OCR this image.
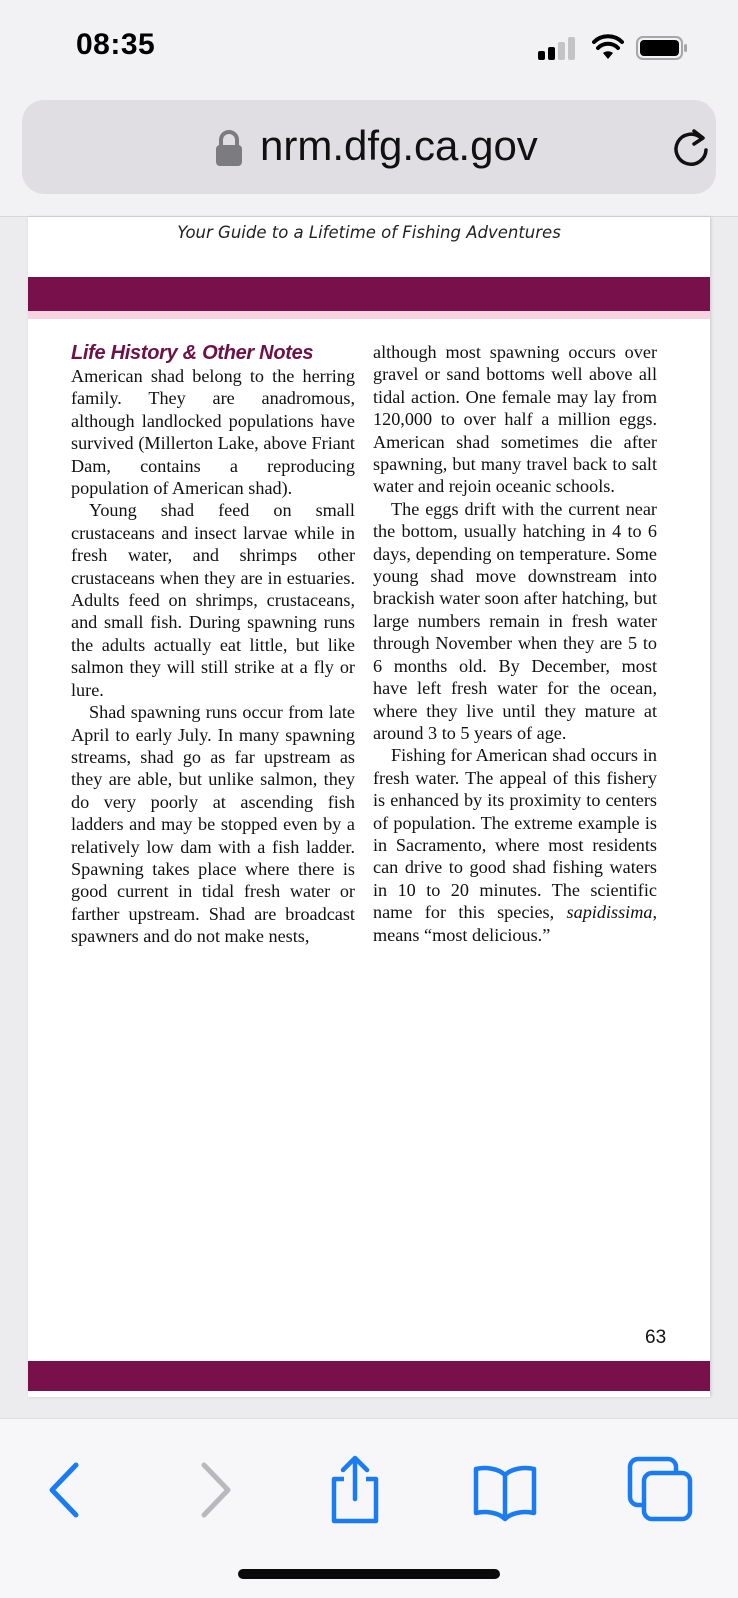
08:35
nrm.dfg.ca.gov
Your Guide to a Lifetime of Fishing Adventures
Life History & Other Notes

American shad belong to the herring family. They are anadromous, although landlocked populations have survived (Millerton Lake, above Friant Dam, contains a reproducing population of American shad).

Young shad feed on small crustaceans and insect larvae while in fresh water, and shrimps other crustaceans when they are in estuaries. Adults feed on shrimps, crustaceans, and small fish. During spawning runs the adults actually eat little, but like salmon they will still strike at a fly or lure.

Shad spawning runs occur from late April to early July. In many spawning streams, shad go as far upstream as they are able, but unlike salmon, they do very poorly at ascending fish ladders and may be stopped even by a relatively low dam with a fish ladder. Spawning takes place where there is good current in tidal fresh water or farther upstream. Shad are broadcast spawners and do not make nests,

although most spawning occurs over gravel or sand bottoms well above all tidal action. One female may lay from 120,000 to over half a million eggs. American shad sometimes die after spawning, but many travel back to salt water and rejoin oceanic schools.

The eggs drift with the current near the bottom, usually hatching in 4 to 6 days, depending on temperature. Some young shad move downstream into brackish water soon after hatching, but large numbers remain in fresh water through November when they are 5 to 6 months old. By December, most have left fresh water for the ocean, where they live until they mature at around 3 to 5 years of age.

Fishing for American shad occurs in fresh water. The appeal of this fishery is enhanced by its proximity to centers of population. The extreme example is in Sacramento, where most residents can drive to good shad fishing waters in 10 to 20 minutes. The scientific name for this species, sapidissima, means “most delicious.”

63
